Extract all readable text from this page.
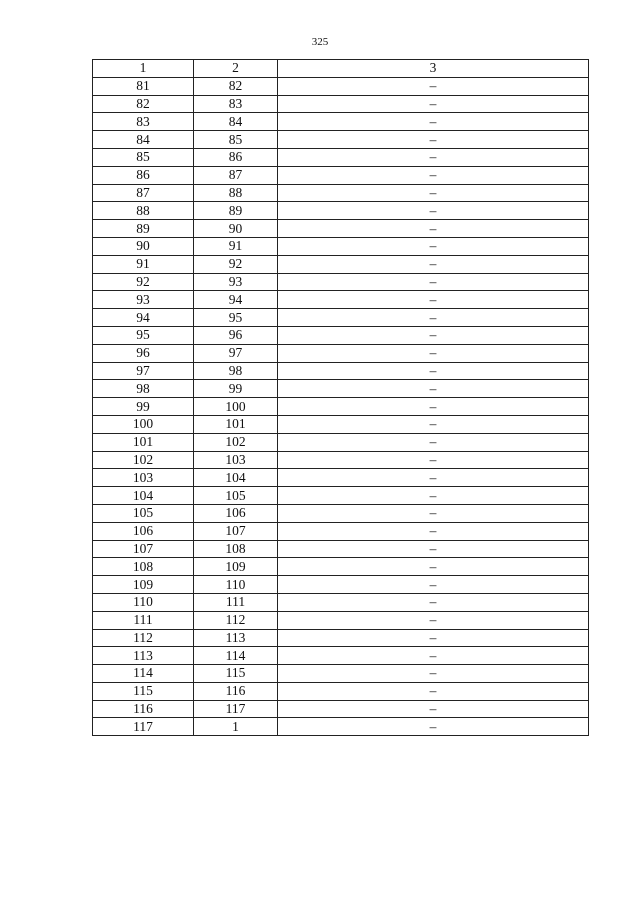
325
1	2	3
81	82	–
82	83	–
83	84	–
84	85	–
85	86	–
86	87	–
87	88	–
88	89	–
89	90	–
90	91	–
91	92	–
92	93	–
93	94	–
94	95	–
95	96	–
96	97	–
97	98	–
98	99	–
99	100	–
100	101	–
101	102	–
102	103	–
103	104	–
104	105	–
105	106	–
106	107	–
107	108	–
108	109	–
109	110	–
110	111	–
111	112	–
112	113	–
113	114	–
114	115	–
115	116	–
116	117	–
117	1	–
